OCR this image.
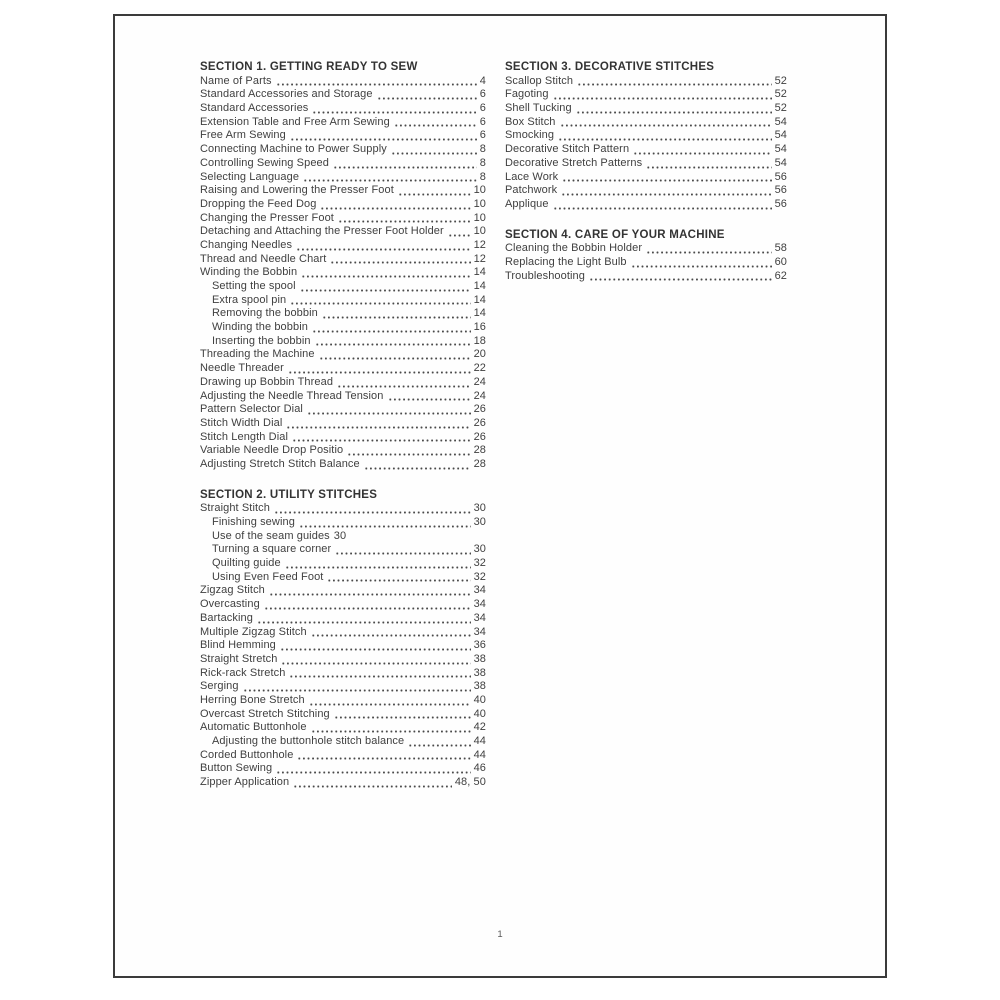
SECTION 1. GETTING READY TO SEW
Name of Parts	4
Standard Accessories and Storage	6
Standard Accessories	6
Extension Table and Free Arm Sewing	6
Free Arm Sewing	6
Connecting Machine to Power Supply	8
Controlling Sewing Speed	8
Selecting Language	8
Raising and Lowering the Presser Foot	10
Dropping the Feed Dog	10
Changing the Presser Foot	10
Detaching and Attaching the Presser Foot Holder	10
Changing Needles	12
Thread and Needle Chart	12
Winding the Bobbin	14
Setting the spool	14
Extra spool pin	14
Removing the bobbin	14
Winding the bobbin	16
Inserting the bobbin	18
Threading the Machine	20
Needle Threader	22
Drawing up Bobbin Thread	24
Adjusting the Needle Thread Tension	24
Pattern Selector Dial	26
Stitch Width Dial	26
Stitch Length Dial	26
Variable Needle Drop Positio	28
Adjusting Stretch Stitch Balance	28
SECTION 2. UTILITY STITCHES
Straight Stitch	30
Finishing sewing	30
Use of the seam guides 30
Turning a square corner	30
Quilting guide	32
Using Even Feed Foot	32
Zigzag Stitch	34
Overcasting	34
Bartacking	34
Multiple Zigzag Stitch	34
Blind Hemming	36
Straight Stretch	38
Rick-rack Stretch	38
Serging	38
Herring Bone Stretch	40
Overcast Stretch Stitching	40
Automatic Buttonhole	42
Adjusting the buttonhole stitch balance	44
Corded Buttonhole	44
Button Sewing	46
Zipper Application	48, 50
SECTION 3. DECORATIVE STITCHES
Scallop Stitch	52
Fagoting	52
Shell Tucking	52
Box Stitch	54
Smocking	54
Decorative Stitch Pattern	54
Decorative Stretch Patterns	54
Lace Work	56
Patchwork	56
Applique	56
SECTION 4. CARE OF YOUR MACHINE
Cleaning the Bobbin Holder	58
Replacing the Light Bulb	60
Troubleshooting	62
1
